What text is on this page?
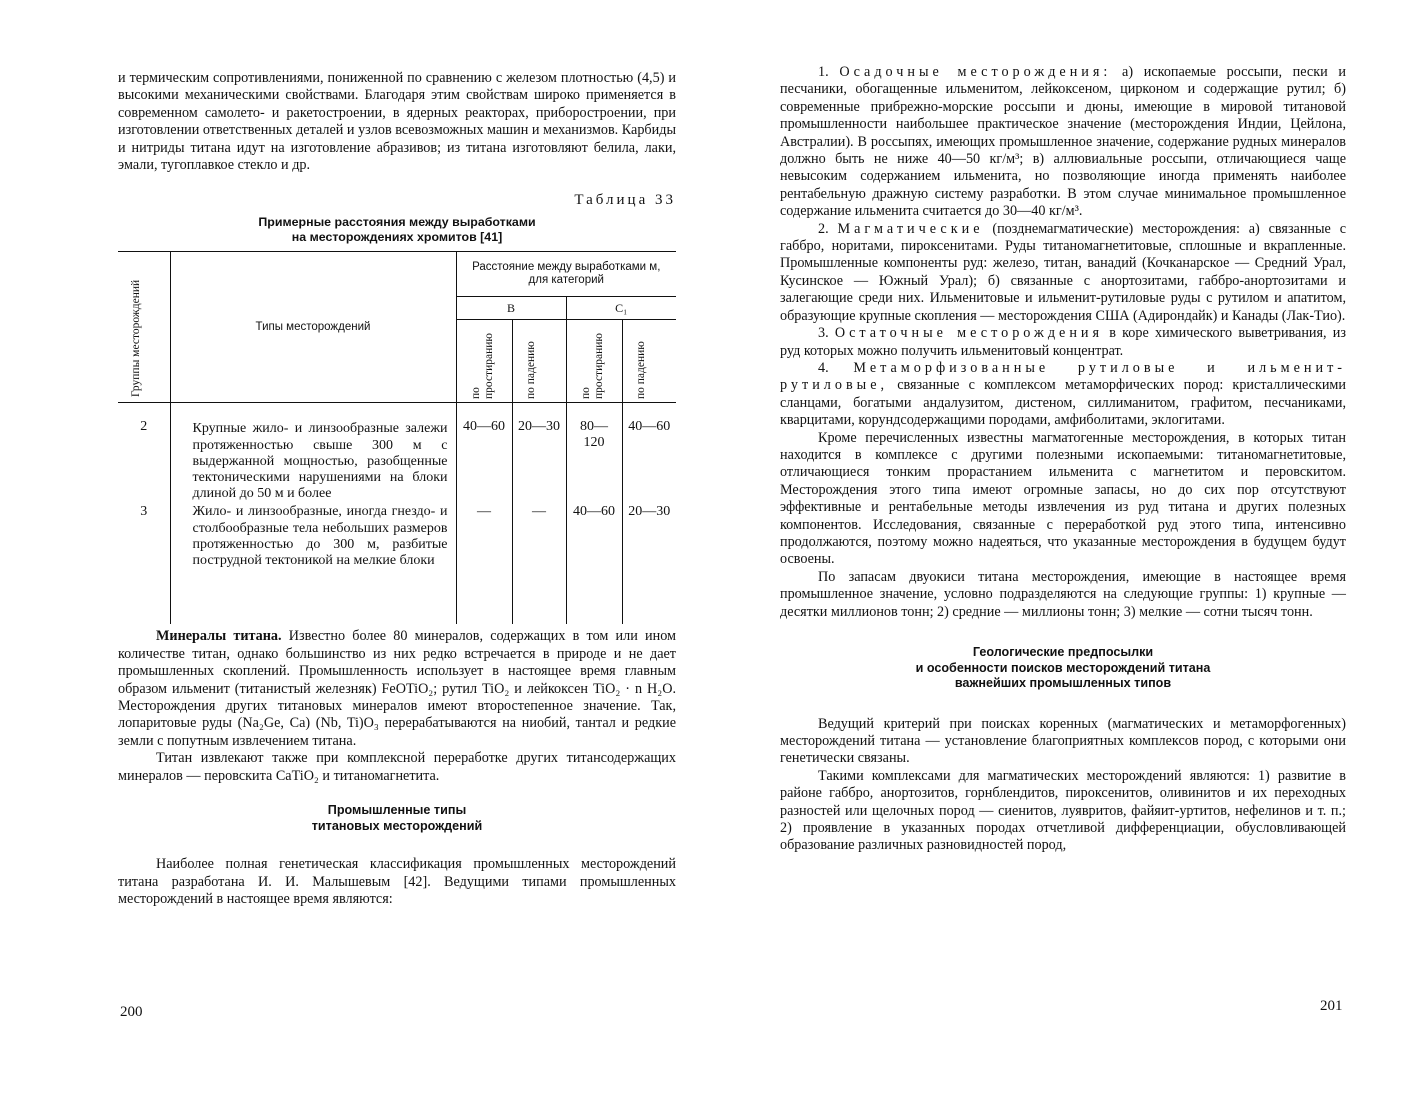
и термическим сопротивлениями, пониженной по сравнению с железом плотностью (4,5) и высокими механическими свойствами. Благодаря этим свойствам широко применяется в современном самолето- и ракетостроении, в ядерных реакторах, приборостроении, при изготовлении ответственных деталей и узлов всевозможных машин и механизмов. Карбиды и нитриды титана идут на изготовление абразивов; из титана изготовляют белила, лаки, эмали, тугоплавкое стекло и др.

Таблица 33
Примерные расстояния между выработками
на месторождениях хромитов [41]
Группы месторождений	Типы месторождений	Расстояние между выработками м, для категорий			
		B		C₁	

		по простиранию	по падению	по простиранию	по падению

2	Крупные жило- и линзообразные залежи протяженностью свыше 300 м с выдержанной мощностью, разобщенные тектоническими нарушениями на блоки длиной до 50 м и более	40—60	20—30	80—120	40—60
3	Жило- и линзообразные, иногда гнездо- и столбообразные тела небольших размеров протяженностью до 300 м, разбитые пострудной тектоникой на мелкие блоки	—	—	40—60	20—30

Минералы титана. Известно более 80 минералов, содержащих в том или ином количестве титан, однако большинство из них редко встречается в природе и не дает промышленных скоплений. Промышленность использует в настоящее время главным образом ильменит (титанистый железняк) FeOTiO₂; рутил TiO₂ и лейкоксен TiO₂ · n H₂O. Месторождения других титановых минералов имеют второстепенное значение. Так, лопаритовые руды (Na₂Ge, Ca) (Nb, Ti)O₃ перерабатываются на ниобий, тантал и редкие земли с попутным извлечением титана.

Титан извлекают также при комплексной переработке других титансодержащих минералов — перовскита CaTiO₂ и титаномагнетита.

Промышленные типы
титановых месторождений

Наиболее полная генетическая классификация промышленных месторождений титана разработана И. И. Малышевым [42]. Ведущими типами промышленных месторождений в настоящее время являются:

200

1. Осадочные месторождения: а) ископаемые россыпи, пески и песчаники, обогащенные ильменитом, лейкоксеном, цирконом и содержащие рутил; б) современные прибрежно-морские россыпи и дюны, имеющие в мировой титановой промышленности наибольшее практическое значение (месторождения Индии, Цейлона, Австралии). В россыпях, имеющих промышленное значение, содержание рудных минералов должно быть не ниже 40—50 кг/м³; в) аллювиальные россыпи, отличающиеся чаще невысоким содержанием ильменита, но позволяющие иногда применять наиболее рентабельную дражную систему разработки. В этом случае минимальное промышленное содержание ильменита считается до 30—40 кг/м³.

2. Магматические (позднемагматические) месторождения: а) связанные с габбро, норитами, пироксенитами. Руды титаномагнетитовые, сплошные и вкрапленные. Промышленные компоненты руд: железо, титан, ванадий (Кочканарское — Средний Урал, Кусинское — Южный Урал); б) связанные с анортозитами, габбро-анортозитами и залегающие среди них. Ильменитовые и ильменит-рутиловые руды с рутилом и апатитом, образующие крупные скопления — месторождения США (Адирондайк) и Канады (Лак-Тио).

3. Остаточные месторождения в коре химического выветривания, из руд которых можно получить ильменитовый концентрат.

4. Метаморфизованные рутиловые и ильменит-рутиловые, связанные с комплексом метаморфических пород: кристаллическими сланцами, богатыми андалузитом, дистеном, силлиманитом, графитом, песчаниками, кварцитами, корундсодержащими породами, амфиболитами, эклогитами.

Кроме перечисленных известны магматогенные месторождения, в которых титан находится в комплексе с другими полезными ископаемыми: титаномагнетитовые, отличающиеся тонким прорастанием ильменита с магнетитом и перовскитом. Месторождения этого типа имеют огромные запасы, но до сих пор отсутствуют эффективные и рентабельные методы извлечения из руд титана и других полезных компонентов. Исследования, связанные с переработкой руд этого типа, интенсивно продолжаются, поэтому можно надеяться, что указанные месторождения в будущем будут освоены.

По запасам двуокиси титана месторождения, имеющие в настоящее время промышленное значение, условно подразделяются на следующие группы: 1) крупные — десятки миллионов тонн; 2) средние — миллионы тонн; 3) мелкие — сотни тысяч тонн.

Геологические предпосылки
и особенности поисков месторождений титана
важнейших промышленных типов

Ведущий критерий при поисках коренных (магматических и метаморфогенных) месторождений титана — установление благоприятных комплексов пород, с которыми они генетически связаны.

Такими комплексами для магматических месторождений являются: 1) развитие в районе габбро, анортозитов, горнблендитов, пироксенитов, оливинитов и их переходных разностей или щелочных пород — сиенитов, луявритов, файяит-уртитов, нефелинов и т. п.; 2) проявление в указанных породах отчетливой дифференциации, обусловливающей образование различных разновидностей пород,

201
